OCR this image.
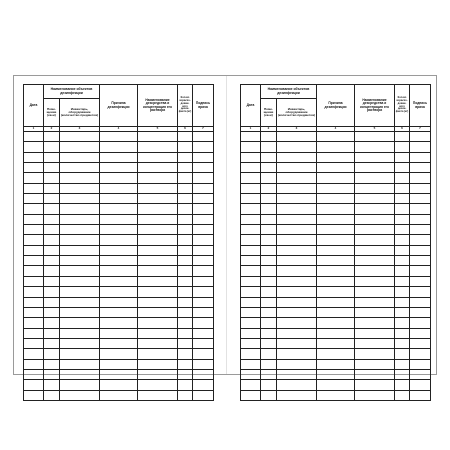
Дата	Наименование объектов дезинфекции		Причина дезинфекции	Наименование дезсредства и концентрация его раствора	Кол-во израсхо-дован-ного дезин-фекта (кг)	Подпись врача
	Поме-щение (кв.м)	Инвентарь, оборудование (количество предметов)				
1	2	3	4	5	6	7

Дата	Наименование объектов дезинфекции		Причина дезинфекции	Наименование дезсредства и концентрация его раствора	Кол-во израсхо-дован-ного дезин-фекта (кг)	Подпись врача
	Поме-щение (кв.м)	Инвентарь, оборудование (количество предметов)				
1	2	3	4	5	6	7
